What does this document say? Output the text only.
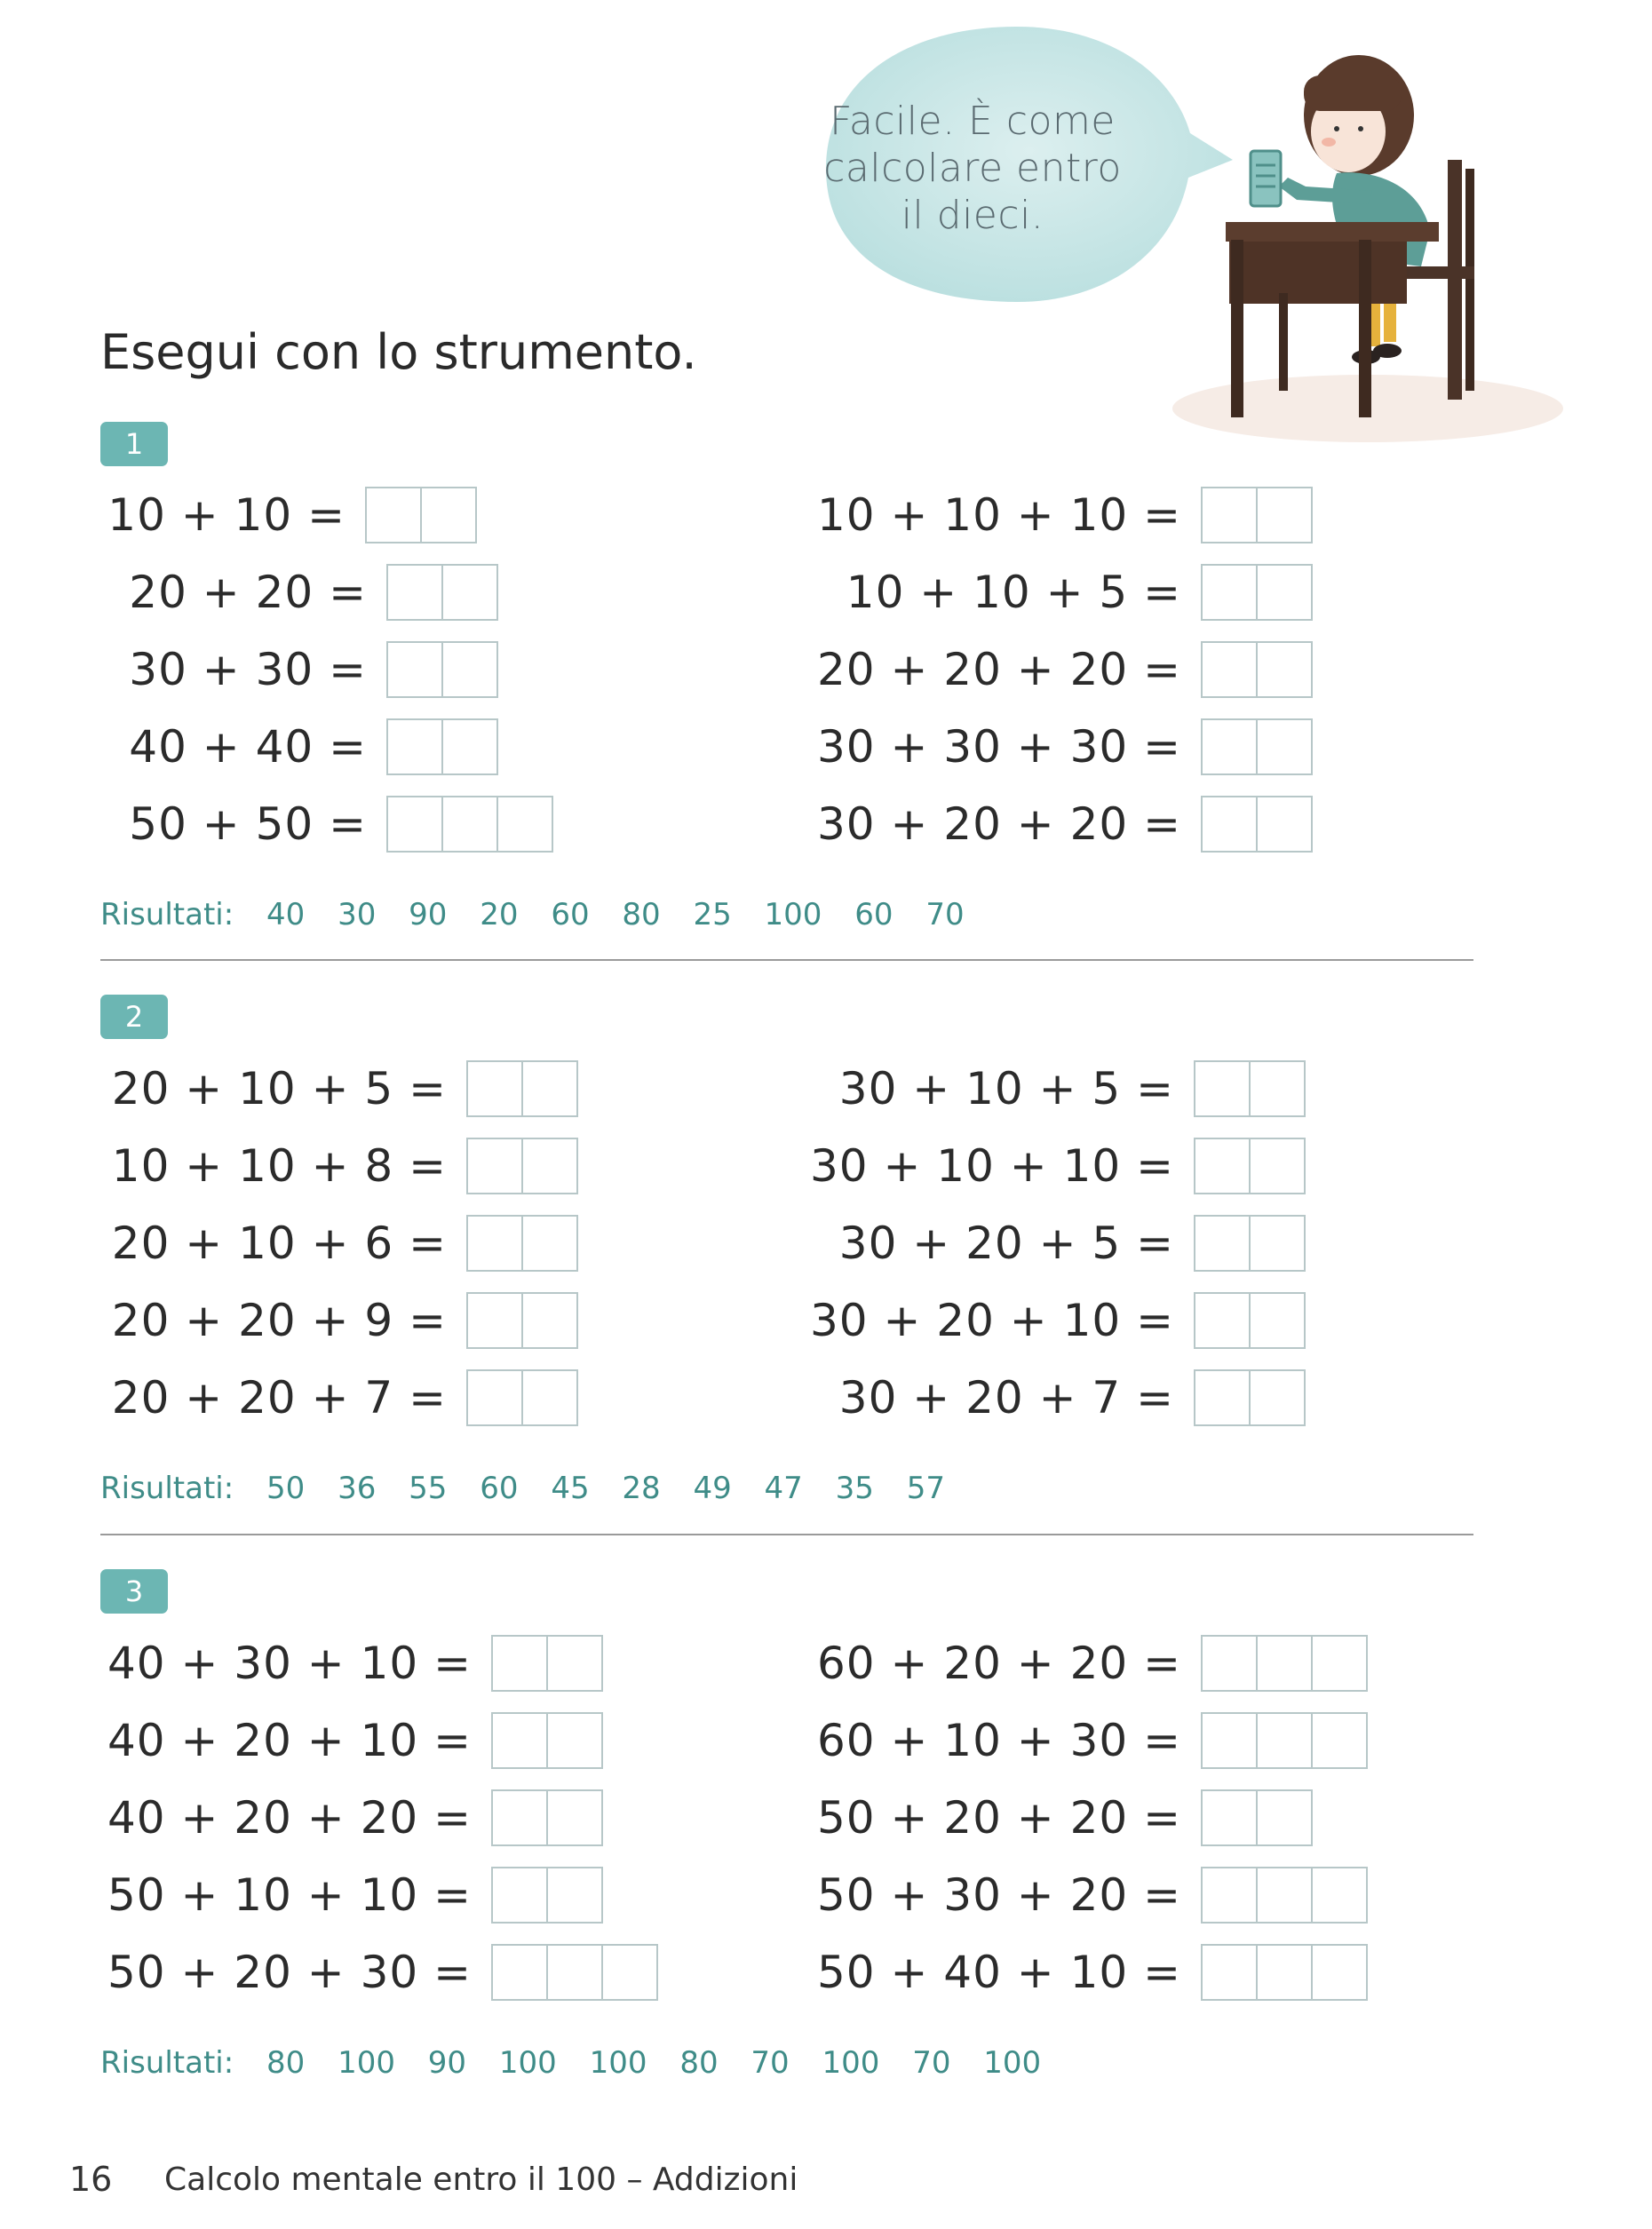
Facile. È come
calcolare entro
il dieci.
Esegui con lo strumento.
1
10 + 10 =
20 + 20 =
30 + 30 =
40 + 40 =
50 + 50 =
10 + 10 + 10 =
10 + 10 + 5 =
20 + 20 + 20 =
30 + 30 + 30 =
30 + 20 + 20 =
Risultati: 40 30 90 20 60 80 25 100 60 70
2
20 + 10 + 5 =
10 + 10 + 8 =
20 + 10 + 6 =
20 + 20 + 9 =
20 + 20 + 7 =
30 + 10 + 5 =
30 + 10 + 10 =
30 + 20 + 5 =
30 + 20 + 10 =
30 + 20 + 7 =
Risultati: 50 36 55 60 45 28 49 47 35 57
3
40 + 30 + 10 =
40 + 20 + 10 =
40 + 20 + 20 =
50 + 10 + 10 =
50 + 20 + 30 =
60 + 20 + 20 =
60 + 10 + 30 =
50 + 20 + 20 =
50 + 30 + 20 =
50 + 40 + 10 =
Risultati: 80 100 90 100 100 80 70 100 70 100
16 Calcolo mentale entro il 100 – Addizioni
